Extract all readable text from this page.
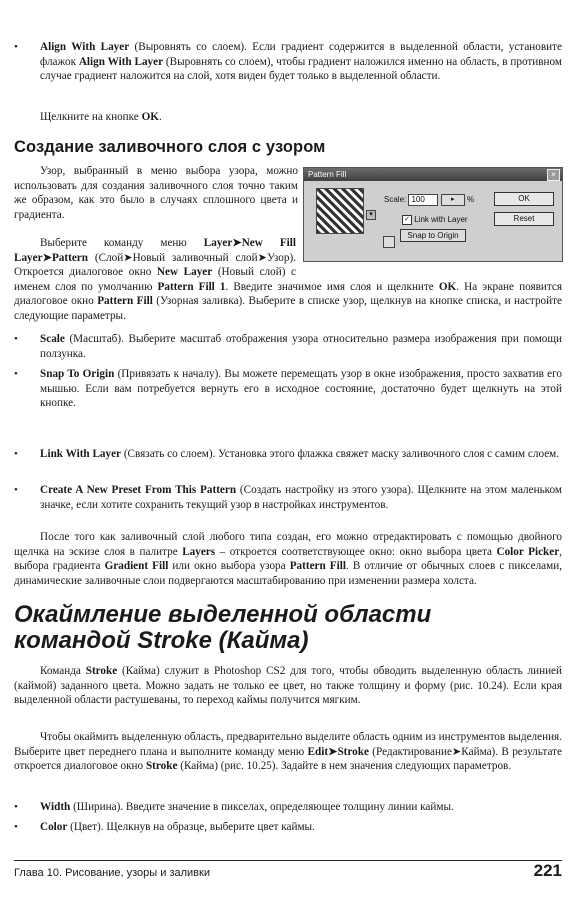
• Align With Layer (Выровнять со слоем). Если градиент содержится в выделенной области, установите флажок Align With Layer (Выровнять со слоем), чтобы градиент наложился именно на область, в противном случае градиент наложится на слой, хотя виден будет только в выделенной области.

Щелкните на кнопке OK.

Создание заливочного слоя с узором

Узор, выбранный в меню выбора узора, можно использовать для создания заливочного слоя точно таким же образом, как это было в случаях сплошного цвета и градиента.

Pattern Fill	×
▾
Scale: 100	▸ %
✓ Link with Layer
Snap to Origin
OK
Reset

Выберите команду меню Layer➤New Fill Layer➤Pattern (Слой➤Новый заливочный слой➤Узор). Откроется диалоговое окно New Layer (Новый слой) с именем слоя по умолчанию Pattern Fill 1. Введите значимое имя слоя и щелкните OK. На экране появится диалоговое окно Pattern Fill (Узорная заливка). Выберите в списке узор, щелкнув на кнопке списка, и настройте следующие параметры.

• Scale (Масштаб). Выберите масштаб отображения узора относительно размера изображения при помощи ползунка.

• Snap To Origin (Привязать к началу). Вы можете перемещать узор в окне изображения, просто захватив его мышью. Если вам потребуется вернуть его в исходное состояние, достаточно будет щелкнуть на этой кнопке.

• Link With Layer (Связать со слоем). Установка этого флажка свяжет маску заливочного слоя с самим слоем.

• Create A New Preset From This Pattern (Создать настройку из этого узора). Щелкните на этом маленьком значке, если хотите сохранить текущий узор в настройках инструментов.

После того как заливочный слой любого типа создан, его можно отредактировать с помощью двойного щелчка на эскизе слоя в палитре Layers – откроется соответствующее окно: окно выбора цвета Color Picker, выбора градиента Gradient Fill или окно выбора узора Pattern Fill. В отличие от обычных слоев с пикселами, динамические заливочные слои подвергаются масштабированию при изменении размера холста.

Окаймление выделенной области командой Stroke (Кайма)

Команда Stroke (Кайма) служит в Photoshop CS2 для того, чтобы обводить выделенную область линией (каймой) заданного цвета. Можно задать не только ее цвет, но также толщину и форму (рис. 10.24). Если края выделенной области растушеваны, то переход каймы получится мягким.

Чтобы окаймить выделенную область, предварительно выделите область одним из инструментов выделения. Выберите цвет переднего плана и выполните команду меню Edit➤Stroke (Редактирование➤Кайма). В результате откроется диалоговое окно Stroke (Кайма) (рис. 10.25). Задайте в нем значения следующих параметров.

• Width (Ширина). Введите значение в пикселах, определяющее толщину линии каймы.

• Color (Цвет). Щелкнув на образце, выберите цвет каймы.

Глава 10. Рисование, узоры и заливки	221
